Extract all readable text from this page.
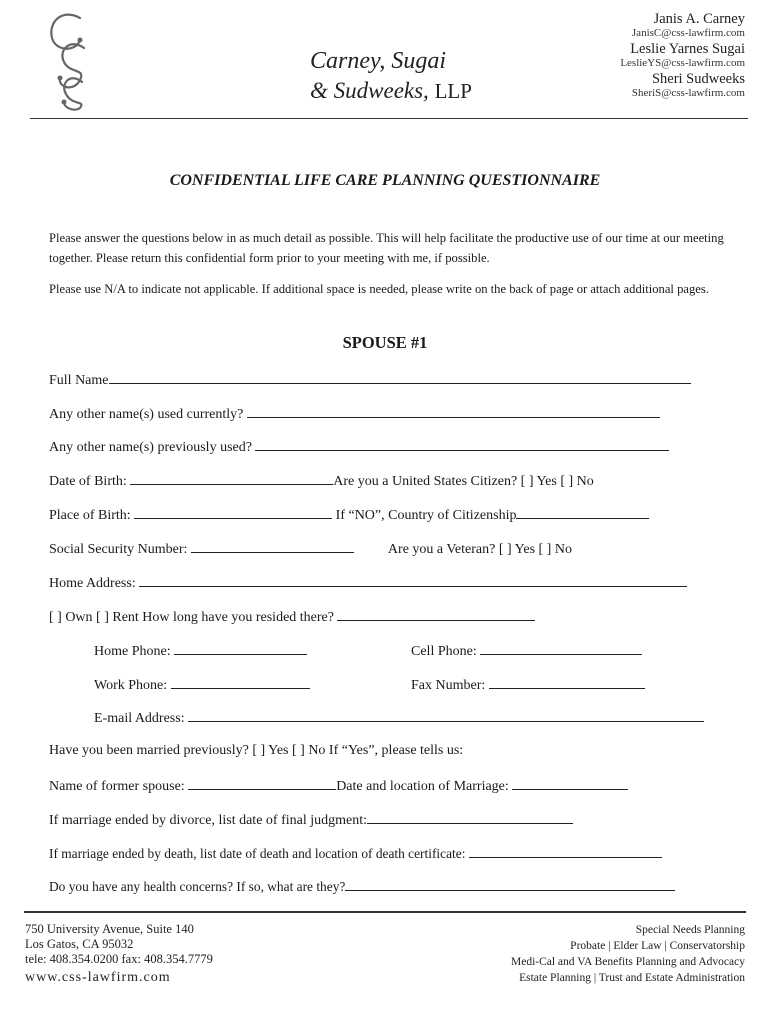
Carney, Sugai
& Sudweeks, LLP
Janis A. Carney
JanisC@css-lawfirm.com
Leslie Yarnes Sugai
LeslieYS@css-lawfirm.com
Sheri Sudweeks
SheriS@css-lawfirm.com
CONFIDENTIAL LIFE CARE PLANNING QUESTIONNAIRE
Please answer the questions below in as much detail as possible. This will help facilitate the productive use of our time at our meeting together. Please return this confidential form prior to your meeting with me, if possible.
Please use N/A to indicate not applicable. If additional space is needed, please write on the back of page or attach additional pages.
SPOUSE #1
Full Name
Any other name(s) used currently?
Any other name(s) previously used?
Date of Birth:	Are you a United States Citizen? [ ] Yes [ ] No
Place of Birth:	If “NO”, Country of Citizenship
Social Security Number:	Are you a Veteran? [ ] Yes [ ] No
Home Address:
[ ] Own [ ] Rent How long have you resided there?
Home Phone:	Cell Phone:
Work Phone:	Fax Number:
E-mail Address:
Have you been married previously? [ ] Yes [ ] No If “Yes”, please tells us:
Name of former spouse:	Date and location of Marriage:
If marriage ended by divorce, list date of final judgment:
If marriage ended by death, list date of death and location of death certificate:
Do you have any health concerns? If so, what are they?
750 University Avenue, Suite 140
Los Gatos, CA 95032
tele: 408.354.0200 fax: 408.354.7779
www.css-lawfirm.com
Special Needs Planning
Probate | Elder Law | Conservatorship
Medi-Cal and VA Benefits Planning and Advocacy
Estate Planning | Trust and Estate Administration
